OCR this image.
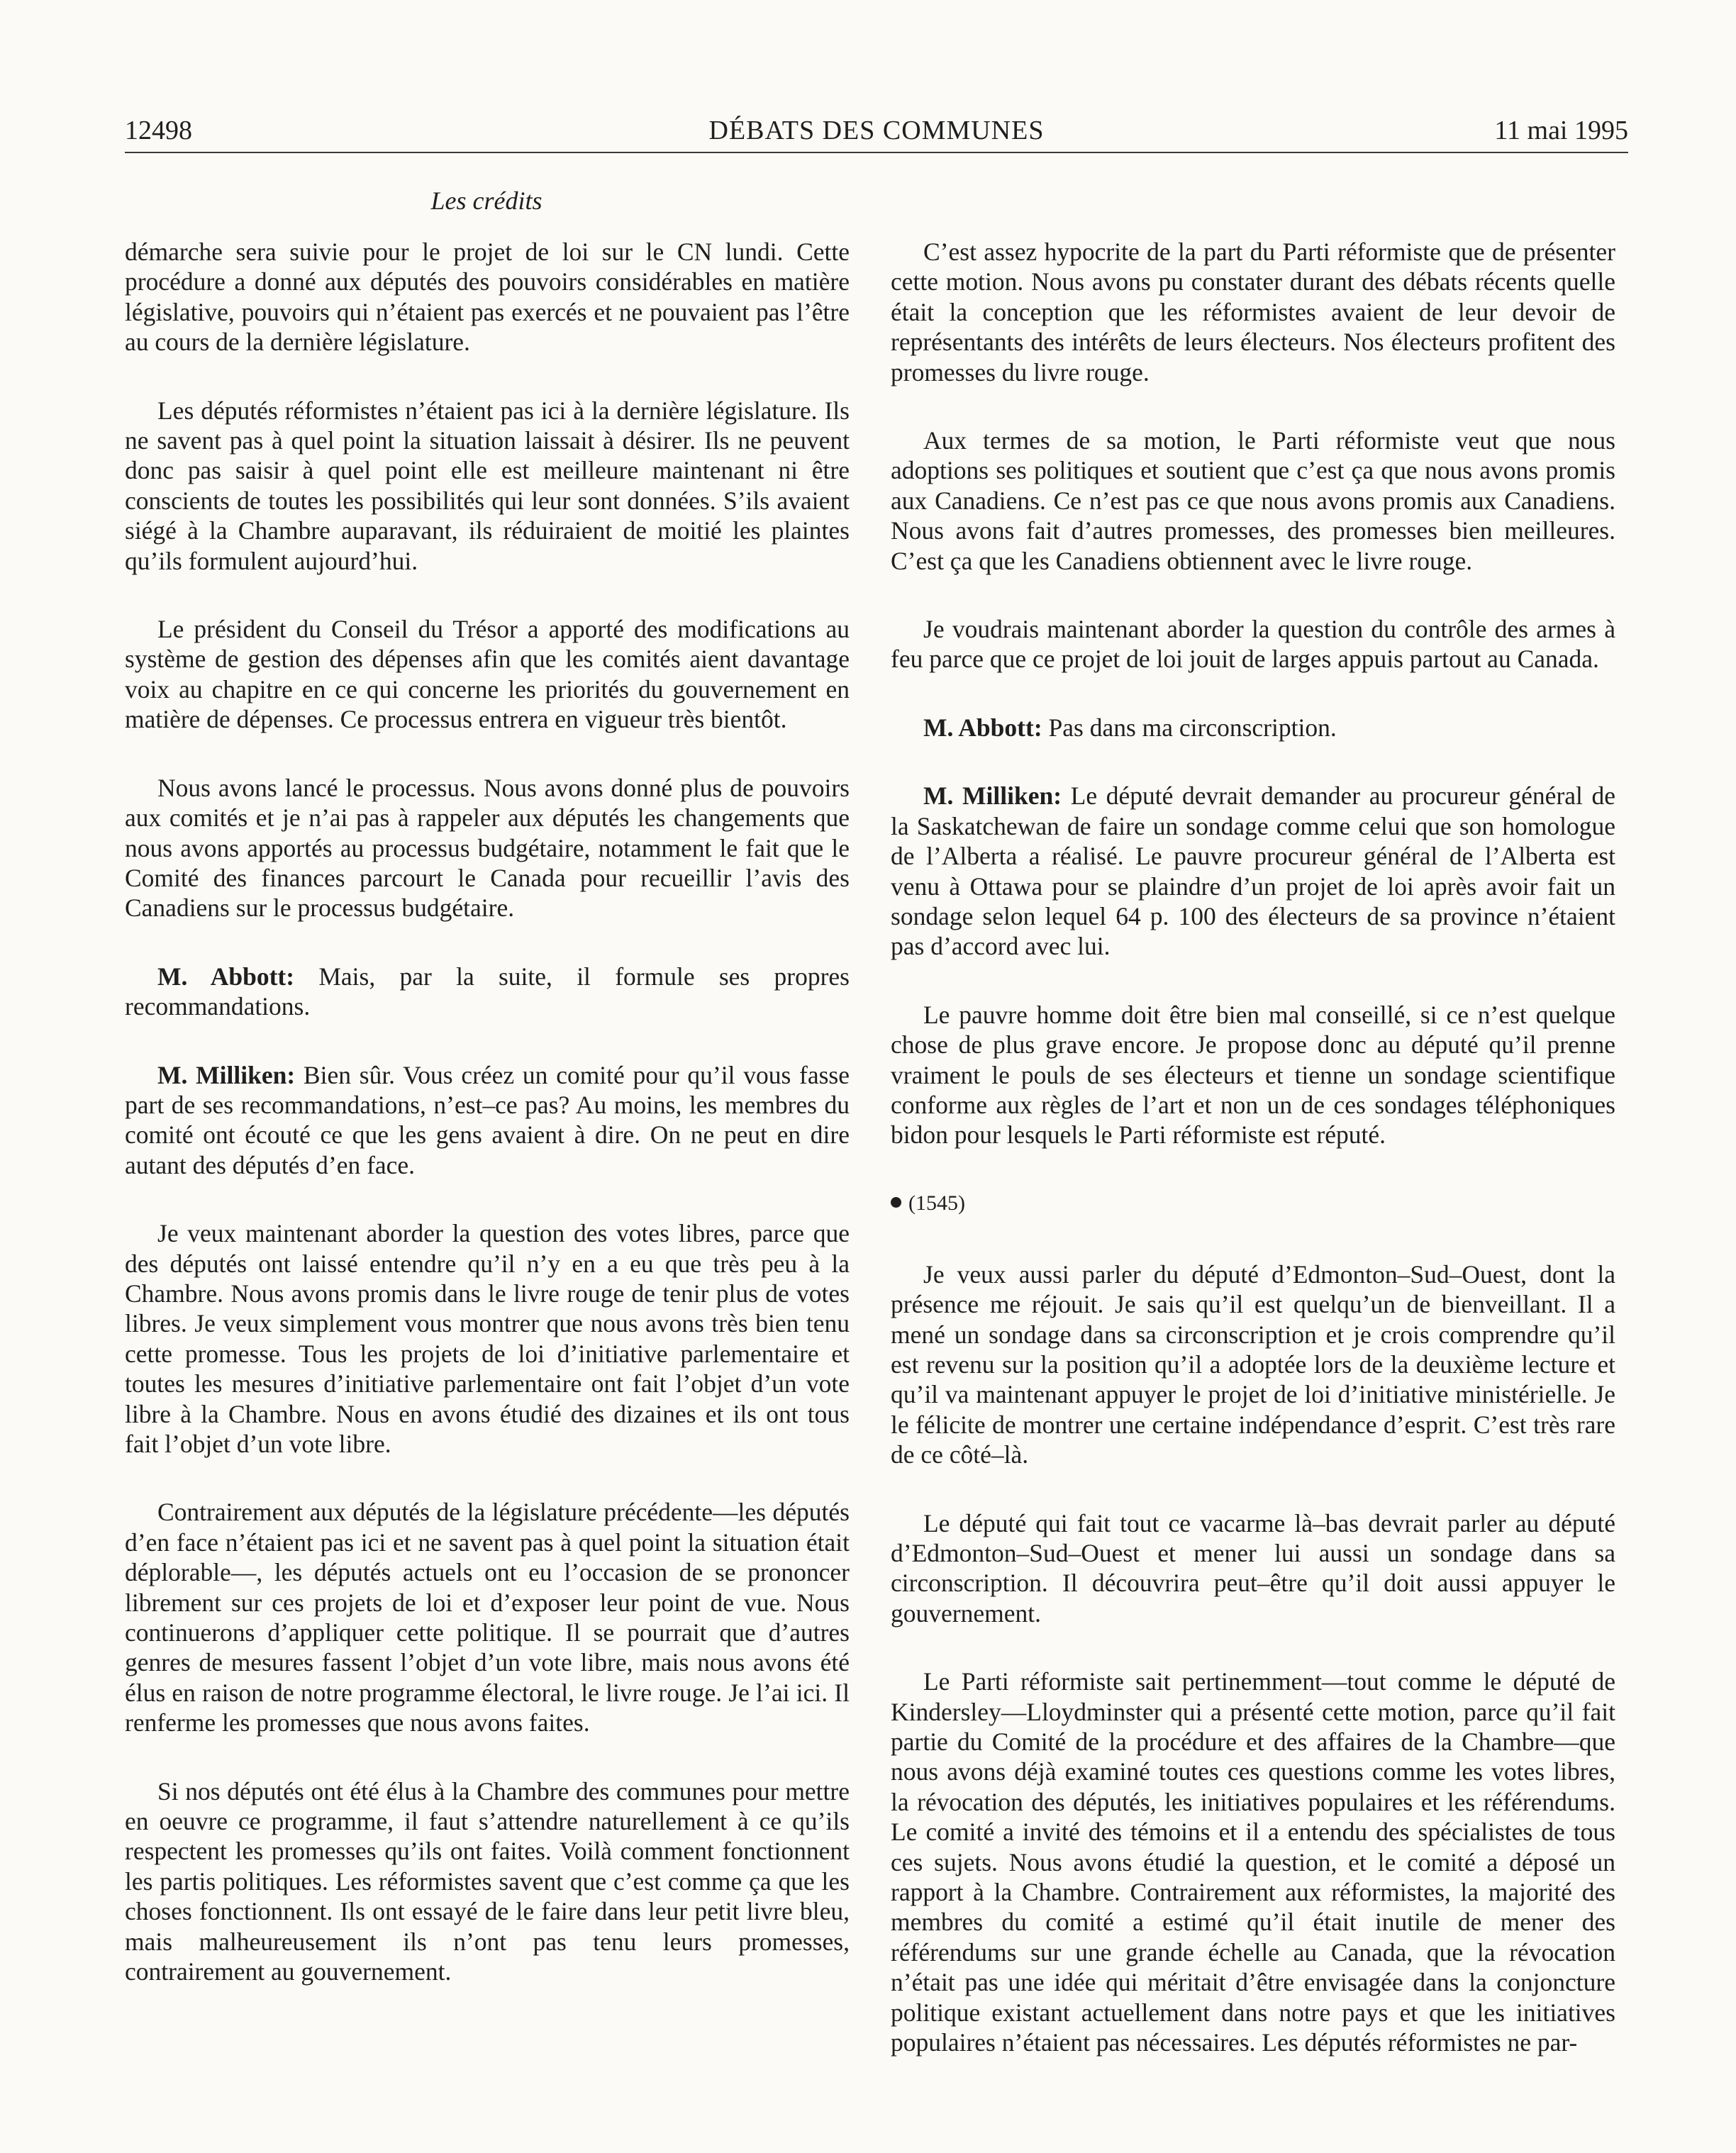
12498	DÉBATS DES COMMUNES	11 mai 1995
Les crédits

démarche sera suivie pour le projet de loi sur le CN lundi. Cette procédure a donné aux députés des pouvoirs considérables en matière législative, pouvoirs qui n’étaient pas exercés et ne pouvaient pas l’être au cours de la dernière législature.

Les députés réformistes n’étaient pas ici à la dernière législature. Ils ne savent pas à quel point la situation laissait à désirer. Ils ne peuvent donc pas saisir à quel point elle est meilleure maintenant ni être conscients de toutes les possibilités qui leur sont données. S’ils avaient siégé à la Chambre auparavant, ils réduiraient de moitié les plaintes qu’ils formulent aujourd’hui.

Le président du Conseil du Trésor a apporté des modifications au système de gestion des dépenses afin que les comités aient davantage voix au chapitre en ce qui concerne les priorités du gouvernement en matière de dépenses. Ce processus entrera en vigueur très bientôt.

Nous avons lancé le processus. Nous avons donné plus de pouvoirs aux comités et je n’ai pas à rappeler aux députés les changements que nous avons apportés au processus budgétaire, notamment le fait que le Comité des finances parcourt le Canada pour recueillir l’avis des Canadiens sur le processus budgétaire.

M. Abbott: Mais, par la suite, il formule ses propres recommandations.

M. Milliken: Bien sûr. Vous créez un comité pour qu’il vous fasse part de ses recommandations, n’est–ce pas? Au moins, les membres du comité ont écouté ce que les gens avaient à dire. On ne peut en dire autant des députés d’en face.

Je veux maintenant aborder la question des votes libres, parce que des députés ont laissé entendre qu’il n’y en a eu que très peu à la Chambre. Nous avons promis dans le livre rouge de tenir plus de votes libres. Je veux simplement vous montrer que nous avons très bien tenu cette promesse. Tous les projets de loi d’initiative parlementaire et toutes les mesures d’initiative parlementaire ont fait l’objet d’un vote libre à la Chambre. Nous en avons étudié des dizaines et ils ont tous fait l’objet d’un vote libre.

Contrairement aux députés de la législature précédente—les députés d’en face n’étaient pas ici et ne savent pas à quel point la situation était déplorable—, les députés actuels ont eu l’occasion de se prononcer librement sur ces projets de loi et d’exposer leur point de vue. Nous continuerons d’appliquer cette politique. Il se pourrait que d’autres genres de mesures fassent l’objet d’un vote libre, mais nous avons été élus en raison de notre programme électoral, le livre rouge. Je l’ai ici. Il renferme les promesses que nous avons faites.

Si nos députés ont été élus à la Chambre des communes pour mettre en oeuvre ce programme, il faut s’attendre naturellement à ce qu’ils respectent les promesses qu’ils ont faites. Voilà comment fonctionnent les partis politiques. Les réformistes savent que c’est comme ça que les choses fonctionnent. Ils ont essayé de le faire dans leur petit livre bleu, mais malheureusement ils n’ont pas tenu leurs promesses, contrairement au gouvernement.

C’est assez hypocrite de la part du Parti réformiste que de présenter cette motion. Nous avons pu constater durant des débats récents quelle était la conception que les réformistes avaient de leur devoir de représentants des intérêts de leurs électeurs. Nos électeurs profitent des promesses du livre rouge.

Aux termes de sa motion, le Parti réformiste veut que nous adoptions ses politiques et soutient que c’est ça que nous avons promis aux Canadiens. Ce n’est pas ce que nous avons promis aux Canadiens. Nous avons fait d’autres promesses, des promesses bien meilleures. C’est ça que les Canadiens obtiennent avec le livre rouge.

Je voudrais maintenant aborder la question du contrôle des armes à feu parce que ce projet de loi jouit de larges appuis partout au Canada.

M. Abbott: Pas dans ma circonscription.

M. Milliken: Le député devrait demander au procureur général de la Saskatchewan de faire un sondage comme celui que son homologue de l’Alberta a réalisé. Le pauvre procureur général de l’Alberta est venu à Ottawa pour se plaindre d’un projet de loi après avoir fait un sondage selon lequel 64 p. 100 des électeurs de sa province n’étaient pas d’accord avec lui.

Le pauvre homme doit être bien mal conseillé, si ce n’est quelque chose de plus grave encore. Je propose donc au député qu’il prenne vraiment le pouls de ses électeurs et tienne un sondage scientifique conforme aux règles de l’art et non un de ces sondages téléphoniques bidon pour lesquels le Parti réformiste est réputé.

(1545)

Je veux aussi parler du député d’Edmonton–Sud–Ouest, dont la présence me réjouit. Je sais qu’il est quelqu’un de bienveillant. Il a mené un sondage dans sa circonscription et je crois comprendre qu’il est revenu sur la position qu’il a adoptée lors de la deuxième lecture et qu’il va maintenant appuyer le projet de loi d’initiative ministérielle. Je le félicite de montrer une certaine indépendance d’esprit. C’est très rare de ce côté–là.

Le député qui fait tout ce vacarme là–bas devrait parler au député d’Edmonton–Sud–Ouest et mener lui aussi un sondage dans sa circonscription. Il découvrira peut–être qu’il doit aussi appuyer le gouvernement.

Le Parti réformiste sait pertinemment—tout comme le député de Kindersley—Lloydminster qui a présenté cette motion, parce qu’il fait partie du Comité de la procédure et des affaires de la Chambre—que nous avons déjà examiné toutes ces questions comme les votes libres, la révocation des députés, les initiatives populaires et les référendums. Le comité a invité des témoins et il a entendu des spécialistes de tous ces sujets. Nous avons étudié la question, et le comité a déposé un rapport à la Chambre. Contrairement aux réformistes, la majorité des membres du comité a estimé qu’il était inutile de mener des référendums sur une grande échelle au Canada, que la révocation n’était pas une idée qui méritait d’être envisagée dans la conjoncture politique existant actuellement dans notre pays et que les initiatives populaires n’étaient pas nécessaires. Les députés réformistes ne par-
